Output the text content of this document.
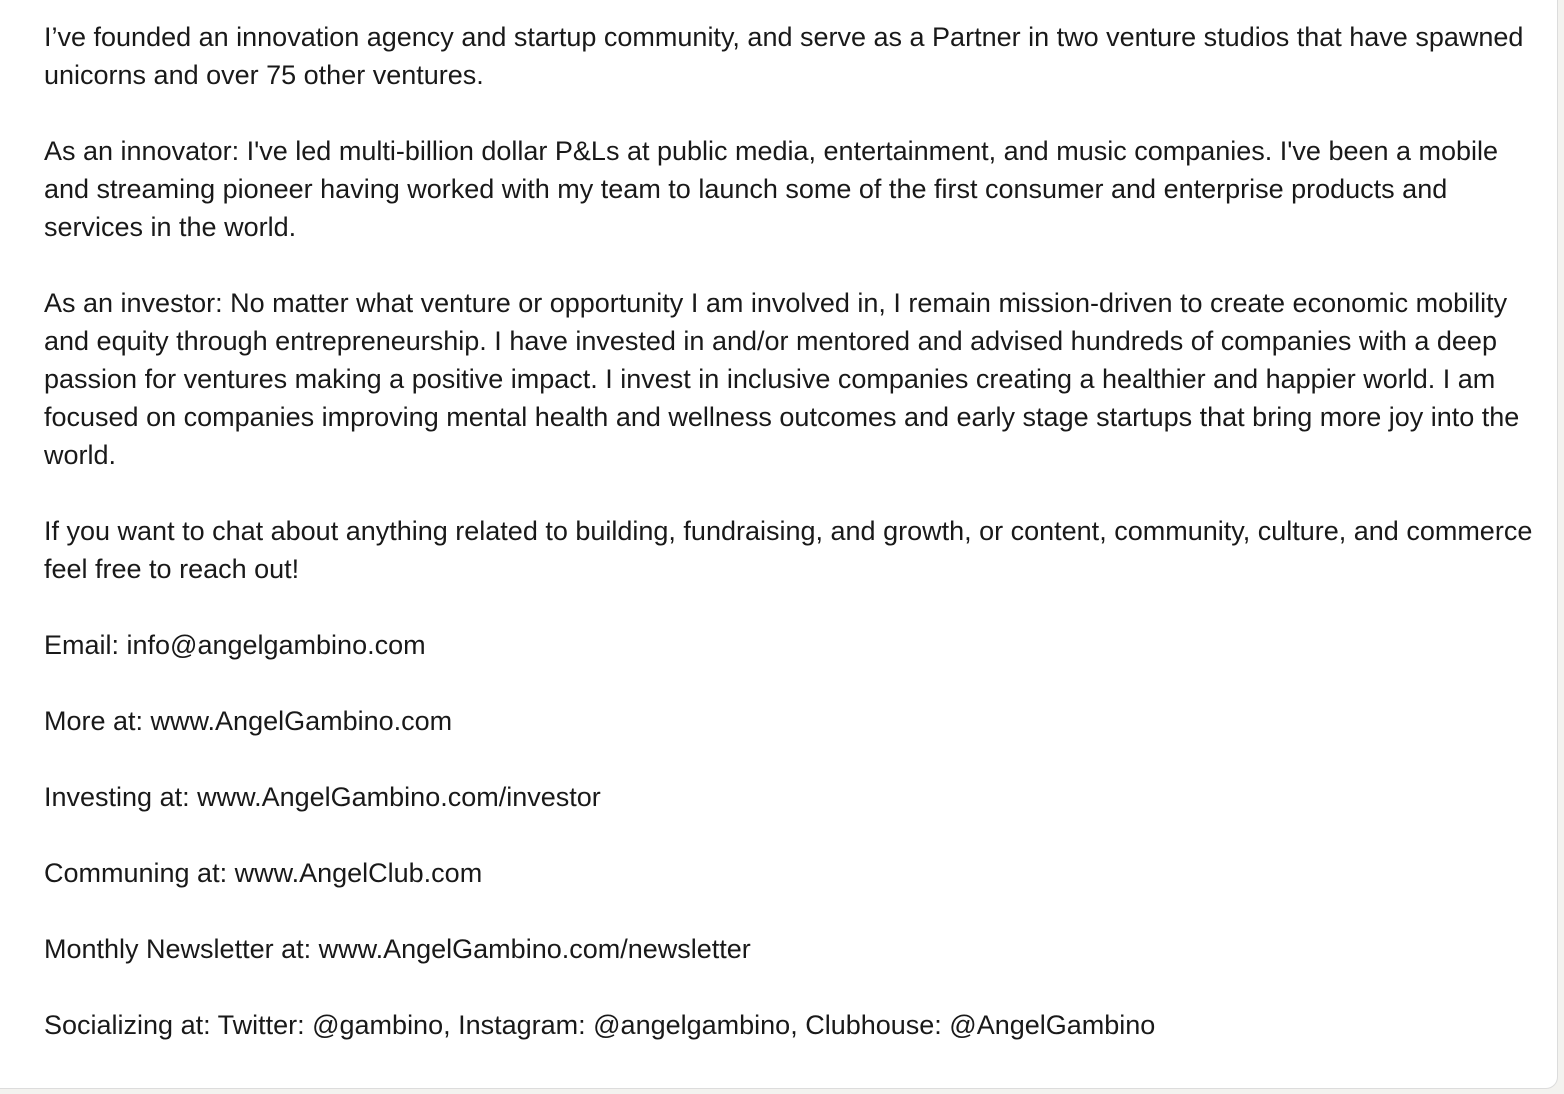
I’ve founded an innovation agency and startup community, and serve as a Partner in two venture studios that have spawned unicorns and over 75 other ventures.

As an innovator: I've led multi-billion dollar P&Ls at public media, entertainment, and music companies. I've been a mobile and streaming pioneer having worked with my team to launch some of the first consumer and enterprise products and services in the world.

As an investor: No matter what venture or opportunity I am involved in, I remain mission-driven to create economic mobility and equity through entrepreneurship. I have invested in and/or mentored and advised hundreds of companies with a deep passion for ventures making a positive impact. I invest in inclusive companies creating a healthier and happier world. I am focused on companies improving mental health and wellness outcomes and early stage startups that bring more joy into the world.

If you want to chat about anything related to building, fundraising, and growth, or content, community, culture, and commerce feel free to reach out!

Email: info@angelgambino.com

More at: www.AngelGambino.com

Investing at: www.AngelGambino.com/investor

Communing at: www.AngelClub.com

Monthly Newsletter at: www.AngelGambino.com/newsletter

Socializing at: Twitter: @gambino, Instagram: @angelgambino, Clubhouse: @AngelGambino
